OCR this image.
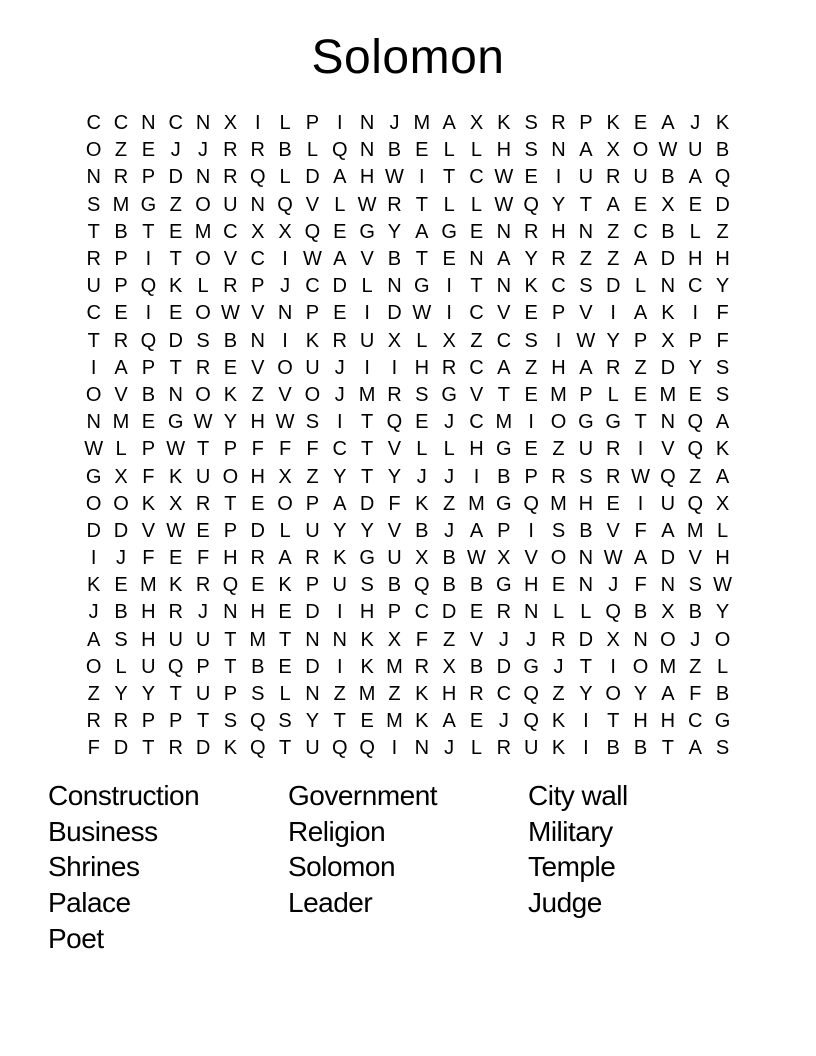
Solomon
C C N C N X I L P I N J M A X K S R P K E A J K
O Z E J J R R B L Q N B E L L H S N A X O W U B
N R P D N R Q L D A H W I T C W E I U R U B A Q
S M G Z O U N Q V L W R T L L W Q Y T A E X E D
T B T E M C X X Q E G Y A G E N R H N Z C B L Z
R P I T O V C I W A V B T E N A Y R Z Z A D H H
U P Q K L R P J C D L N G I T N K C S D L N C Y
C E I E O W V N P E I D W I C V E P V I A K I F
T R Q D S B N I K R U X L X Z C S I W Y P X P F
I A P T R E V O U J I	I H R C A Z H A R Z D Y S
O V B N O K Z V O J M R S G V T E M P L E M E S
N M E G W Y H W S I T Q E J C M I O G G T N Q A
W L P W T P F F F C T V L L H G E Z U R I V Q K
G X F K U O H X Z Y T Y J J I B P R S R W Q Z A
O O K X R T E O P A D F K Z M G Q M H E I U Q X
D D V W E P D L U Y Y V B J A P I S B V F A M L
I J F E F H R A R K G U X B W X V O N W A D V H
K E M K R Q E K P U S B Q B B G H E N J F N S W
J B H R J N H E D I H P C D E R N L L Q B X B Y
A S H U U T M T N N K X F Z V J J R D X N O J O
O L U Q P T B E D I K M R X B D G J T I O M Z L
Z Y Y T U P S L N Z M Z K H R C Q Z Y O Y A F B
R R P P T S Q S Y T E M K A E J Q K I T H H C G
F D T R D K Q T U Q Q I N J L R U K I B B T A S
Construction
Business
Shrines
Palace
Poet
Government
Religion
Solomon
Leader
City wall
Military
Temple
Judge
